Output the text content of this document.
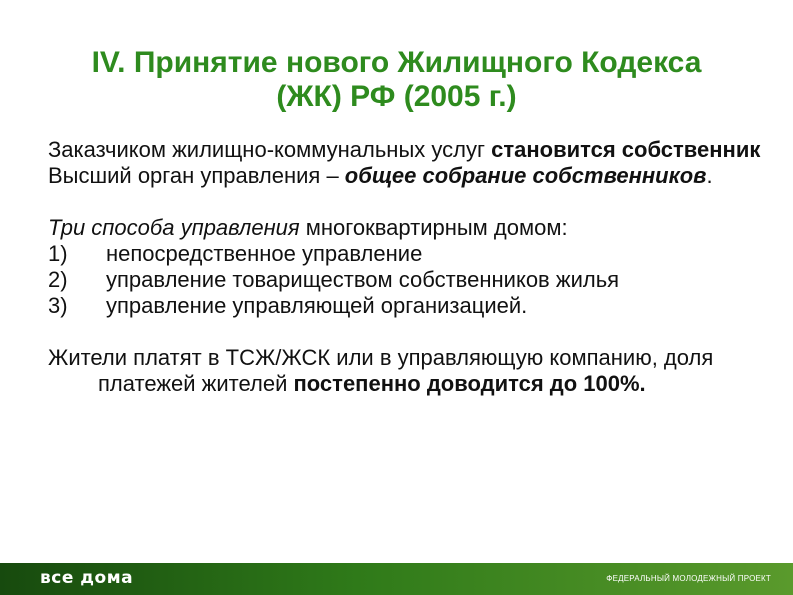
IV. Принятие нового Жилищного Кодекса
(ЖК) РФ (2005 г.)

Заказчиком жилищно-коммунальных услуг становится собственник

Высший орган управления – общее собрание собственников.

Три способа управления многоквартирным домом:

1) непосредственное управление

2) управление товариществом собственников жилья

3) управление управляющей организацией.

Жители платят в ТСЖ/ЖСК или в управляющую компанию, доля платежей жителей постепенно доводится до 100%.

все дома	ФЕДЕРАЛЬНЫЙ МОЛОДЕЖНЫЙ ПРОЕКТ
